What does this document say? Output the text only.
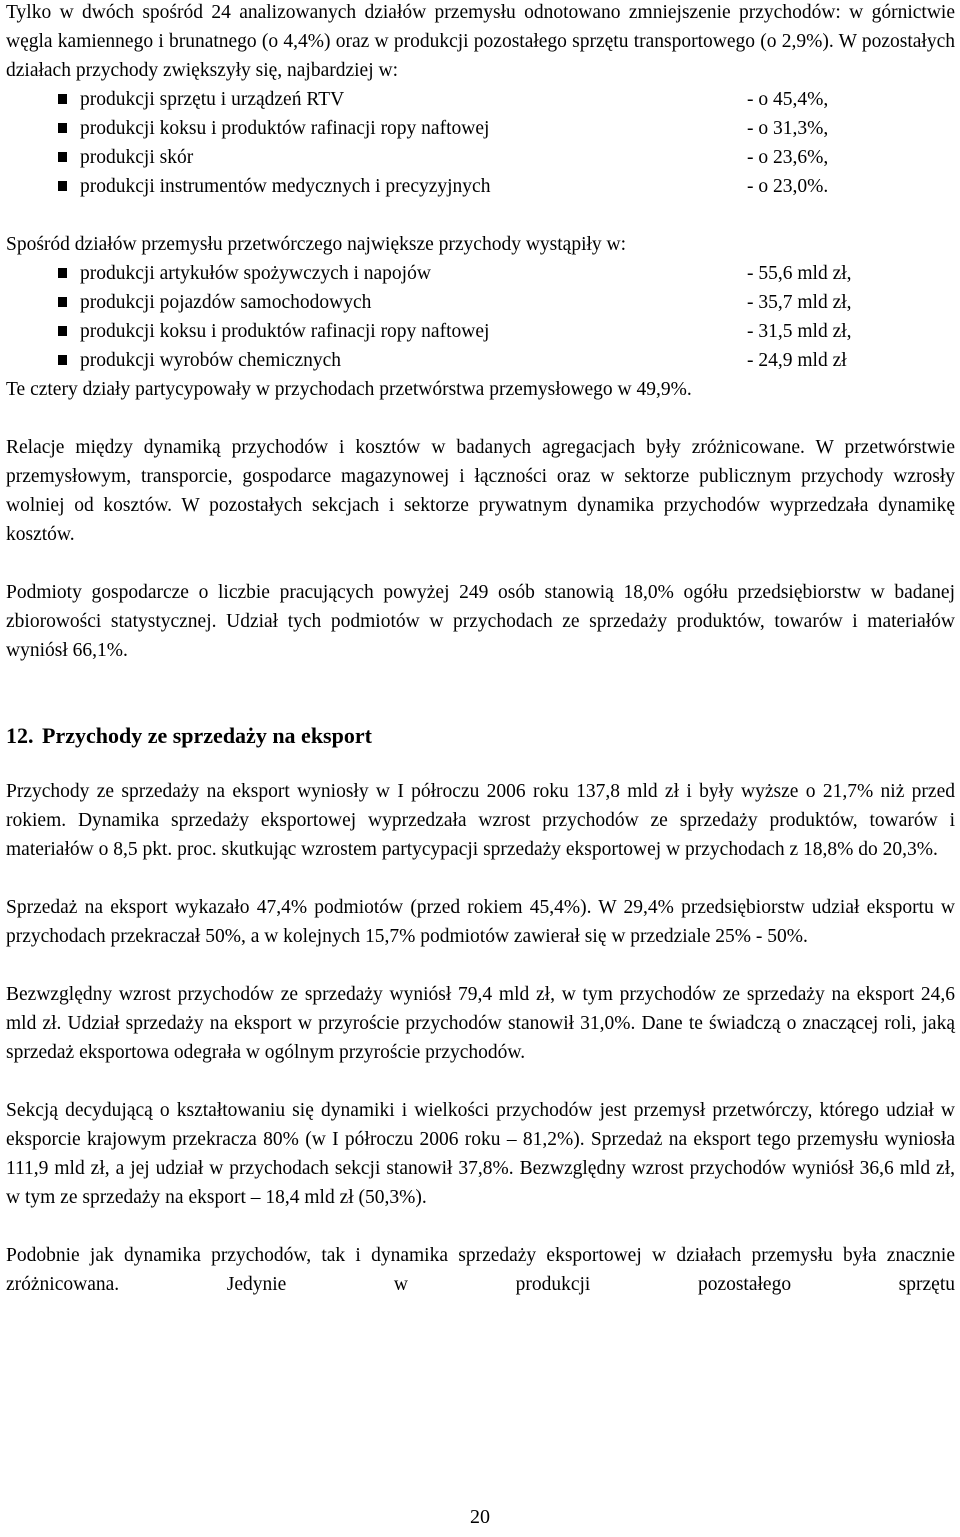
Tylko w dwóch spośród 24 analizowanych działów przemysłu odnotowano zmniejszenie przychodów: w górnictwie węgla kamiennego i brunatnego (o 4,4%) oraz w produkcji pozostałego sprzętu transportowego (o 2,9%). W pozostałych działach przychody zwiększyły się, najbardziej w:

produkcji sprzętu i urządzeń RTV	- o 45,4%,
produkcji koksu i produktów rafinacji ropy naftowej	- o 31,3%,
produkcji skór	- o 23,6%,
produkcji instrumentów medycznych i precyzyjnych	- o 23,0%.

Spośród działów przemysłu przetwórczego największe przychody wystąpiły w:

produkcji artykułów spożywczych i napojów	- 55,6 mld zł,
produkcji pojazdów samochodowych	- 35,7 mld zł,
produkcji koksu i produktów rafinacji ropy naftowej	- 31,5 mld zł,
produkcji wyrobów chemicznych	- 24,9 mld zł

Te cztery działy partycypowały w przychodach przetwórstwa przemysłowego w 49,9%.

Relacje między dynamiką przychodów i kosztów w badanych agregacjach były zróżnicowane. W przetwórstwie przemysłowym, transporcie, gospodarce magazynowej i łączności oraz w sektorze publicznym przychody wzrosły wolniej od kosztów. W pozostałych sekcjach i sektorze prywatnym dynamika przychodów wyprzedzała dynamikę kosztów.

Podmioty gospodarcze o liczbie pracujących powyżej 249 osób stanowią 18,0% ogółu przedsiębiorstw w badanej zbiorowości statystycznej. Udział tych podmiotów w przychodach ze sprzedaży produktów, towarów i materiałów wyniósł 66,1%.

12. Przychody ze sprzedaży na eksport

Przychody ze sprzedaży na eksport wyniosły w I półroczu 2006 roku 137,8 mld zł i były wyższe o 21,7% niż przed rokiem. Dynamika sprzedaży eksportowej wyprzedzała wzrost przychodów ze sprzedaży produktów, towarów i materiałów o 8,5 pkt. proc. skutkując wzrostem partycypacji sprzedaży eksportowej w przychodach z 18,8% do 20,3%.

Sprzedaż na eksport wykazało 47,4% podmiotów (przed rokiem 45,4%). W 29,4% przedsiębiorstw udział eksportu w przychodach przekraczał 50%, a w kolejnych 15,7% podmiotów zawierał się w przedziale 25% - 50%.

Bezwzględny wzrost przychodów ze sprzedaży wyniósł 79,4 mld zł, w tym przychodów ze sprzedaży na eksport 24,6 mld zł. Udział sprzedaży na eksport w przyroście przychodów stanowił 31,0%. Dane te świadczą o znaczącej roli, jaką sprzedaż eksportowa odegrała w ogólnym przyroście przychodów.

Sekcją decydującą o kształtowaniu się dynamiki i wielkości przychodów jest przemysł przetwórczy, którego udział w eksporcie krajowym przekracza 80% (w I półroczu 2006 roku – 81,2%). Sprzedaż na eksport tego przemysłu wyniosła 111,9 mld zł, a jej udział w przychodach sekcji stanowił 37,8%. Bezwzględny wzrost przychodów wyniósł 36,6 mld zł, w tym ze sprzedaży na eksport – 18,4 mld zł (50,3%).

Podobnie jak dynamika przychodów, tak i dynamika sprzedaży eksportowej w działach przemysłu była znacznie zróżnicowana. Jedynie w produkcji pozostałego sprzętu

20
